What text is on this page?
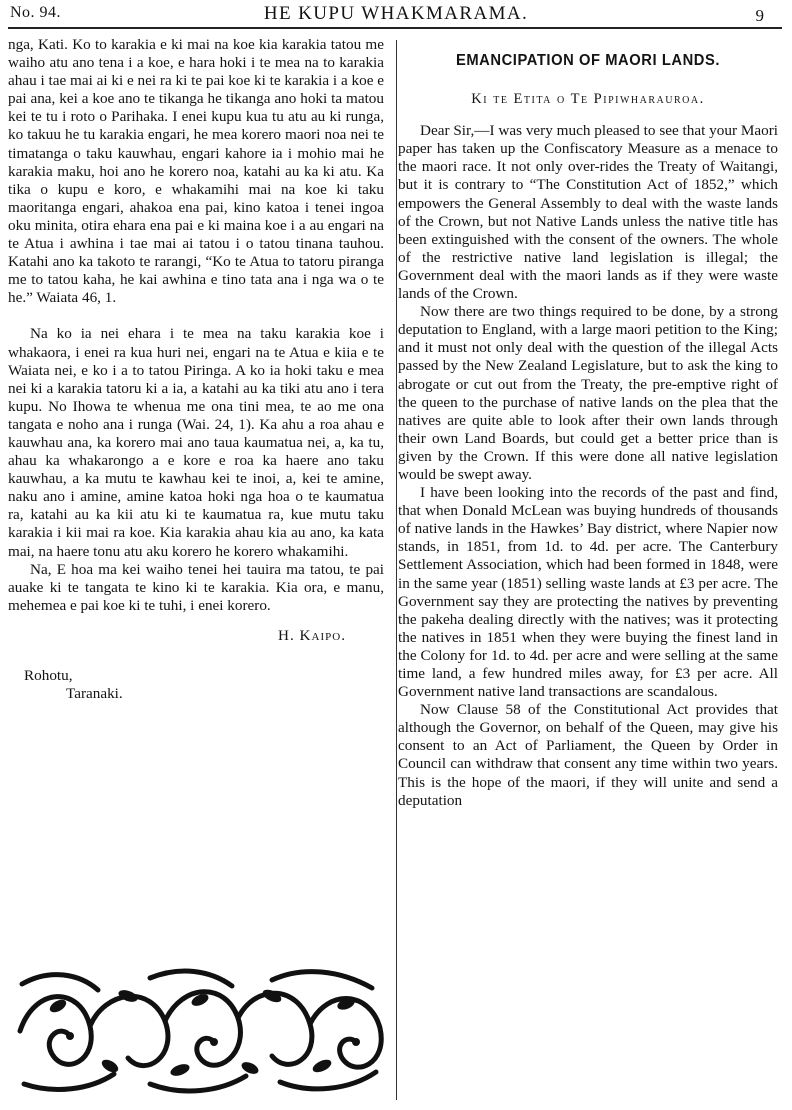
No. 94.	HE KUPU WHAKMARAMA.	9

nga, Kati. Ko to karakia e ki mai na koe kia karakia tatou me waiho atu ano tena i a koe, e hara hoki i te mea na to karakia ahau i tae mai ai ki e nei ra ki te pai koe ki te karakia i a koe e pai ana, kei a koe ano te tikanga he tikanga ano hoki ta matou kei te tu i roto o Parihaka. I enei kupu kua tu atu au ki runga, ko takuu he tu karakia engari, he mea korero maori noa nei te timatanga o taku kauwhau, engari kahore ia i mohio mai he karakia maku, hoi ano he korero noa, katahi au ka ki atu. Ka tika o kupu e koro, e whakamihi mai na koe ki taku maoritanga engari, ahakoa ena pai, kino katoa i tenei ingoa oku minita, otira ehara ena pai e ki maina koe i a au engari na te Atua i awhina i tae mai ai tatou i o tatou tinana tauhou. Katahi ano ka takoto te rarangi, “Ko te Atua to tatoru piranga me to tatou kaha, he kai awhina e tino tata ana i nga wa o te he.” Waiata 46, 1.

Na ko ia nei ehara i te mea na taku karakia koe i whakaora, i enei ra kua huri nei, engari na te Atua e kiia e te Waiata nei, e ko i a to tatou Piringa. A ko ia hoki taku e mea nei ki a karakia tatoru ki a ia, a katahi au ka tiki atu ano i tera kupu. No Ihowa te whenua me ona tini mea, te ao me ona tangata e noho ana i runga (Wai. 24, 1). Ka ahu a roa ahau e kauwhau ana, ka korero mai ano taua kaumatua nei, a, ka tu, ahau ka whakarongo a e kore e roa ka haere ano taku kauwhau, a ka mutu te kawhau kei te inoi, a, kei te amine, naku ano i amine, amine katoa hoki nga hoa o te kaumatua ra, katahi au ka kii atu ki te kaumatua ra, kue mutu taku karakia i kii mai ra koe. Kia karakia ahau kia au ano, ka kata mai, na haere tonu atu aku korero he korero whakamihi.

Na, E hoa ma kei waiho tenei hei tauira ma tatou, te pai auake ki te tangata te kino ki te karakia. Kia ora, e manu, mehemea e pai koe ki te tuhi, i enei korero.

H. Kaipo.

Rohotu,

Taranaki.

EMANCIPATION OF MAORI LANDS.

Ki te Etita o Te Pipiwharauroa.

Dear Sir,—I was very much pleased to see that your Maori paper has taken up the Confiscatory Measure as a menace to the maori race. It not only over-rides the Treaty of Waitangi, but it is contrary to “The Constitution Act of 1852,” which empowers the General Assembly to deal with the waste lands of the Crown, but not Native Lands unless the native title has been extinguished with the consent of the owners. The whole of the restrictive native land legislation is illegal; the Government deal with the maori lands as if they were waste lands of the Crown.

Now there are two things required to be done, by a strong deputation to England, with a large maori petition to the King; and it must not only deal with the question of the illegal Acts passed by the New Zealand Legislature, but to ask the king to abrogate or cut out from the Treaty, the pre-emptive right of the queen to the purchase of native lands on the plea that the natives are quite able to look after their own lands through their own Land Boards, but could get a better price than is given by the Crown. If this were done all native legislation would be swept away.

I have been looking into the records of the past and find, that when Donald McLean was buying hundreds of thousands of native lands in the Hawkes’ Bay district, where Napier now stands, in 1851, from 1d. to 4d. per acre. The Canterbury Settlement Association, which had been formed in 1848, were in the same year (1851) selling waste lands at £3 per acre. The Government say they are protecting the natives by preventing the pakeha dealing directly with the natives; was it protecting the natives in 1851 when they were buying the finest land in the Colony for 1d. to 4d. per acre and were selling at the same time land, a few hundred miles away, for £3 per acre. All Government native land transactions are scandalous.

Now Clause 58 of the Constitutional Act provides that although the Governor, on behalf of the Queen, may give his consent to an Act of Parliament, the Queen by Order in Council can withdraw that consent any time within two years. This is the hope of the maori, if they will unite and send a deputation
